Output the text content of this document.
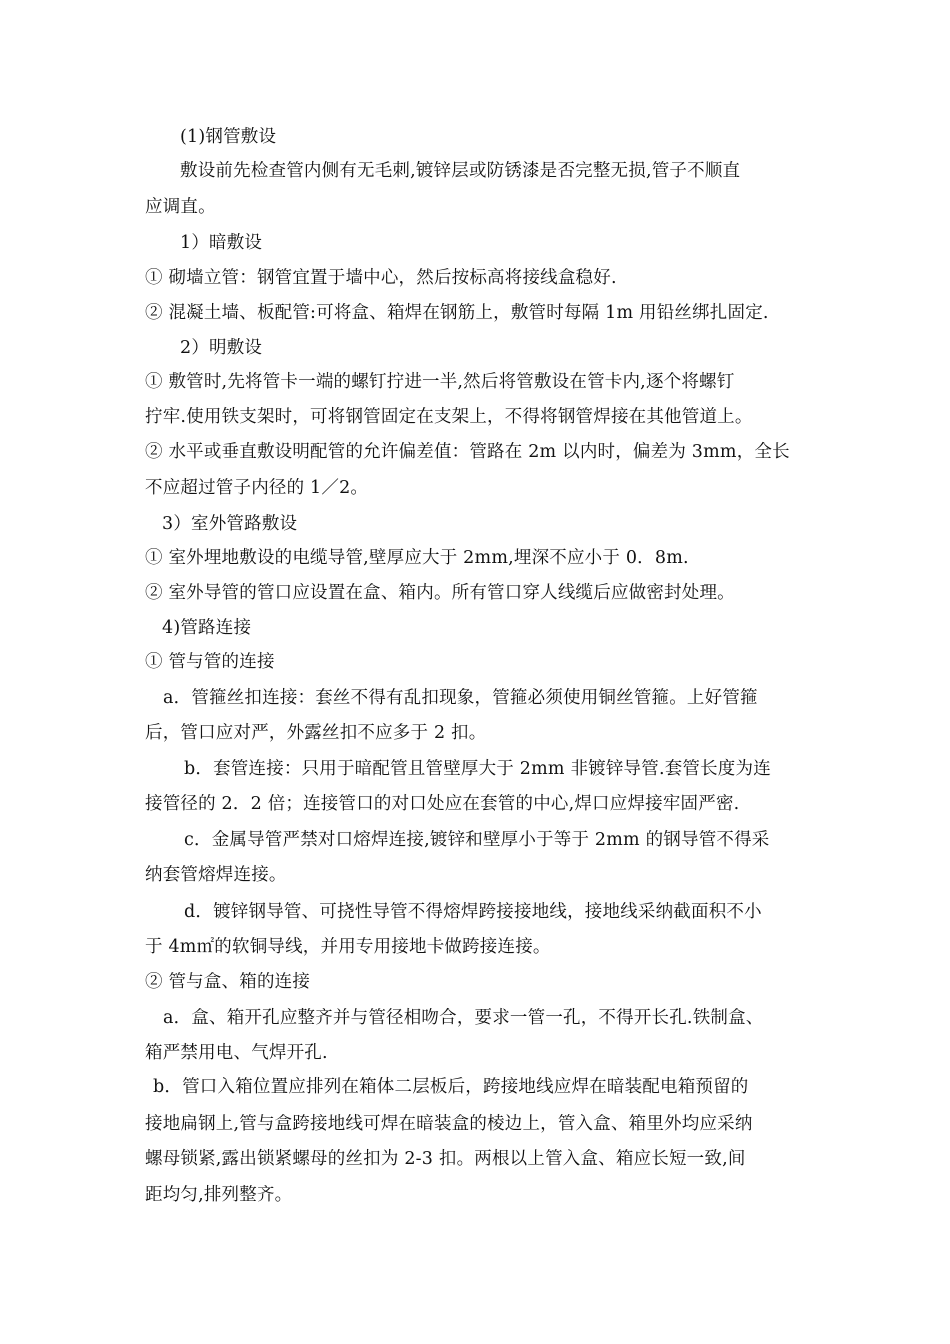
(1)钢管敷设
敷设前先检查管内侧有无毛刺,镀锌层或防锈漆是否完整无损,管子不顺直
应调直。
1）暗敷设
① 砌墙立管：钢管宜置于墙中心，然后按标高将接线盒稳好.
② 混凝土墙、板配管:可将盒、箱焊在钢筋上，敷管时每隔 1m 用铅丝绑扎固定.
2）明敷设
① 敷管时,先将管卡一端的螺钉拧进一半,然后将管敷设在管卡内,逐个将螺钉
拧牢.使用铁支架时，可将钢管固定在支架上，不得将钢管焊接在其他管道上。
② 水平或垂直敷设明配管的允许偏差值：管路在 2m 以内时，偏差为 3mm，全长
不应超过管子内径的 1／2。
3）室外管路敷设
① 室外埋地敷设的电缆导管,壁厚应大于 2mm,埋深不应小于 0．8m.
② 室外导管的管口应设置在盒、箱内。所有管口穿人线缆后应做密封处理。
4)管路连接
① 管与管的连接
a．管箍丝扣连接：套丝不得有乱扣现象，管箍必须使用铜丝管箍。上好管箍
后，管口应对严，外露丝扣不应多于 2 扣。
b．套管连接：只用于暗配管且管壁厚大于 2mm 非镀锌导管.套管长度为连
接管径的 2．2 倍；连接管口的对口处应在套管的中心,焊口应焊接牢固严密.
c．金属导管严禁对口熔焊连接,镀锌和壁厚小于等于 2mm 的钢导管不得采
纳套管熔焊连接。
d．镀锌钢导管、可挠性导管不得熔焊跨接接地线，接地线采纳截面积不小
于 4m㎡的软铜导线，并用专用接地卡做跨接连接。
② 管与盒、箱的连接
a．盒、箱开孔应整齐并与管径相吻合，要求一管一孔，不得开长孔.铁制盒、
箱严禁用电、气焊开孔.
b．管口入箱位置应排列在箱体二层板后，跨接地线应焊在暗装配电箱预留的
接地扁钢上,管与盒跨接地线可焊在暗装盒的棱边上，管入盒、箱里外均应采纳
螺母锁紧,露出锁紧螺母的丝扣为 2-3 扣。两根以上管入盒、箱应长短一致,间
距均匀,排列整齐。
